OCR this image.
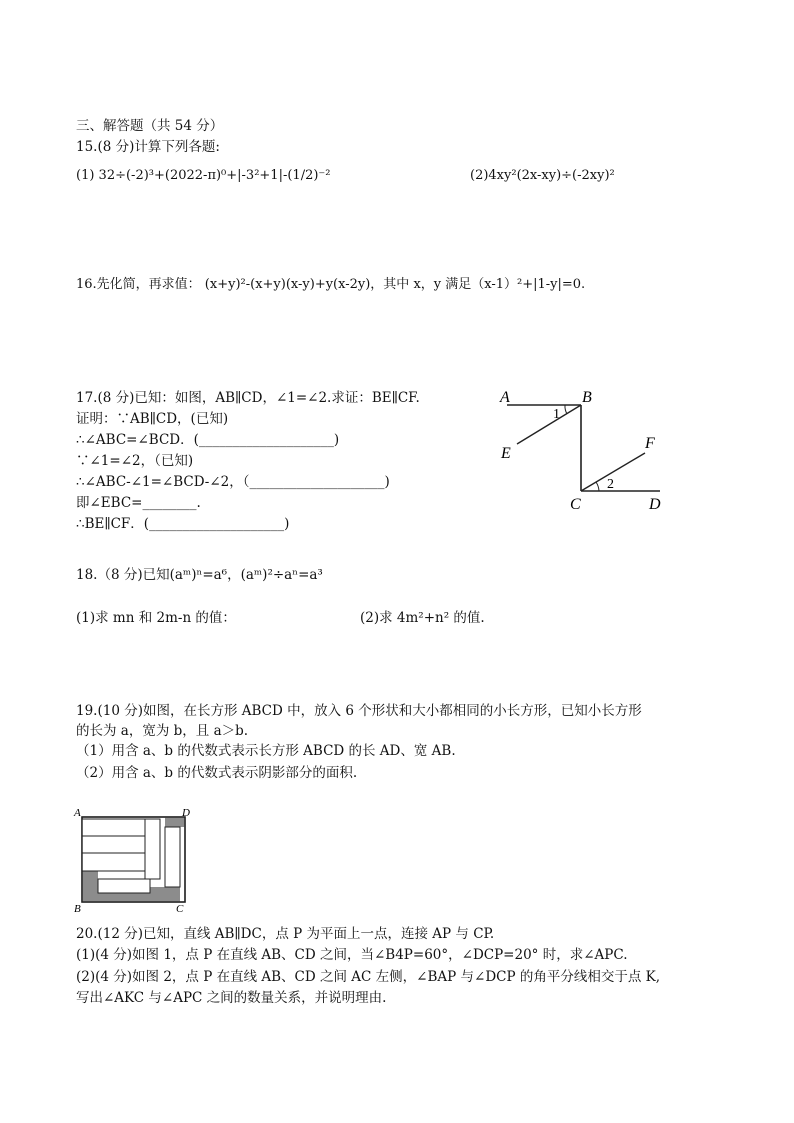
三、解答题（共 54 分）
15.(8 分)计算下列各题:
(1) 32÷(-2)³+(2022-π)⁰+|-3²+1|-(1/2)⁻²	(2)4xy²(2x-xy)÷(-2xy)²
16.先化简，再求值： (x+y)²-(x+y)(x-y)+y(x-2y)，其中 x，y 满足（x-1）²+|1-y|=0.
17.(8 分)已知：如图，AB∥CD，∠1=∠2.求证：BE∥CF.
证明：∵AB∥CD，(已知)
∴∠ABC=∠BCD．(____________________)
∵∠1=∠2，（已知)
∴∠ABC-∠1=∠BCD-∠2，（____________________)
即∠EBC=________.
∴BE∥CF．(____________________)
A	B
E
F
C	D
1
2
18.（8 分)已知(aᵐ)ⁿ=a⁶，(aᵐ)²÷aⁿ=a³
(1)求 mn 和 2m-n 的值：	(2)求 4m²+n² 的值.
19.(10 分)如图，在长方形 ABCD 中，放入 6 个形状和大小都相同的小长方形，已知小长方形
的长为 a，宽为 b，且 a＞b.
（1）用含 a、b 的代数式表示长方形 ABCD 的长 AD、宽 AB.
（2）用含 a、b 的代数式表示阴影部分的面积.
A	D
B	C
20.(12 分)已知，直线 AB∥DC，点 P 为平面上一点，连接 AP 与 CP.
(1)(4 分)如图 1，点 P 在直线 AB、CD 之间，当∠B4P=60°，∠DCP=20° 时，求∠APC.
(2)(4 分)如图 2，点 P 在直线 AB、CD 之间 AC 左侧，∠BAP 与∠DCP 的角平分线相交于点 K,
写出∠AKC 与∠APC 之间的数量关系，并说明理由.
